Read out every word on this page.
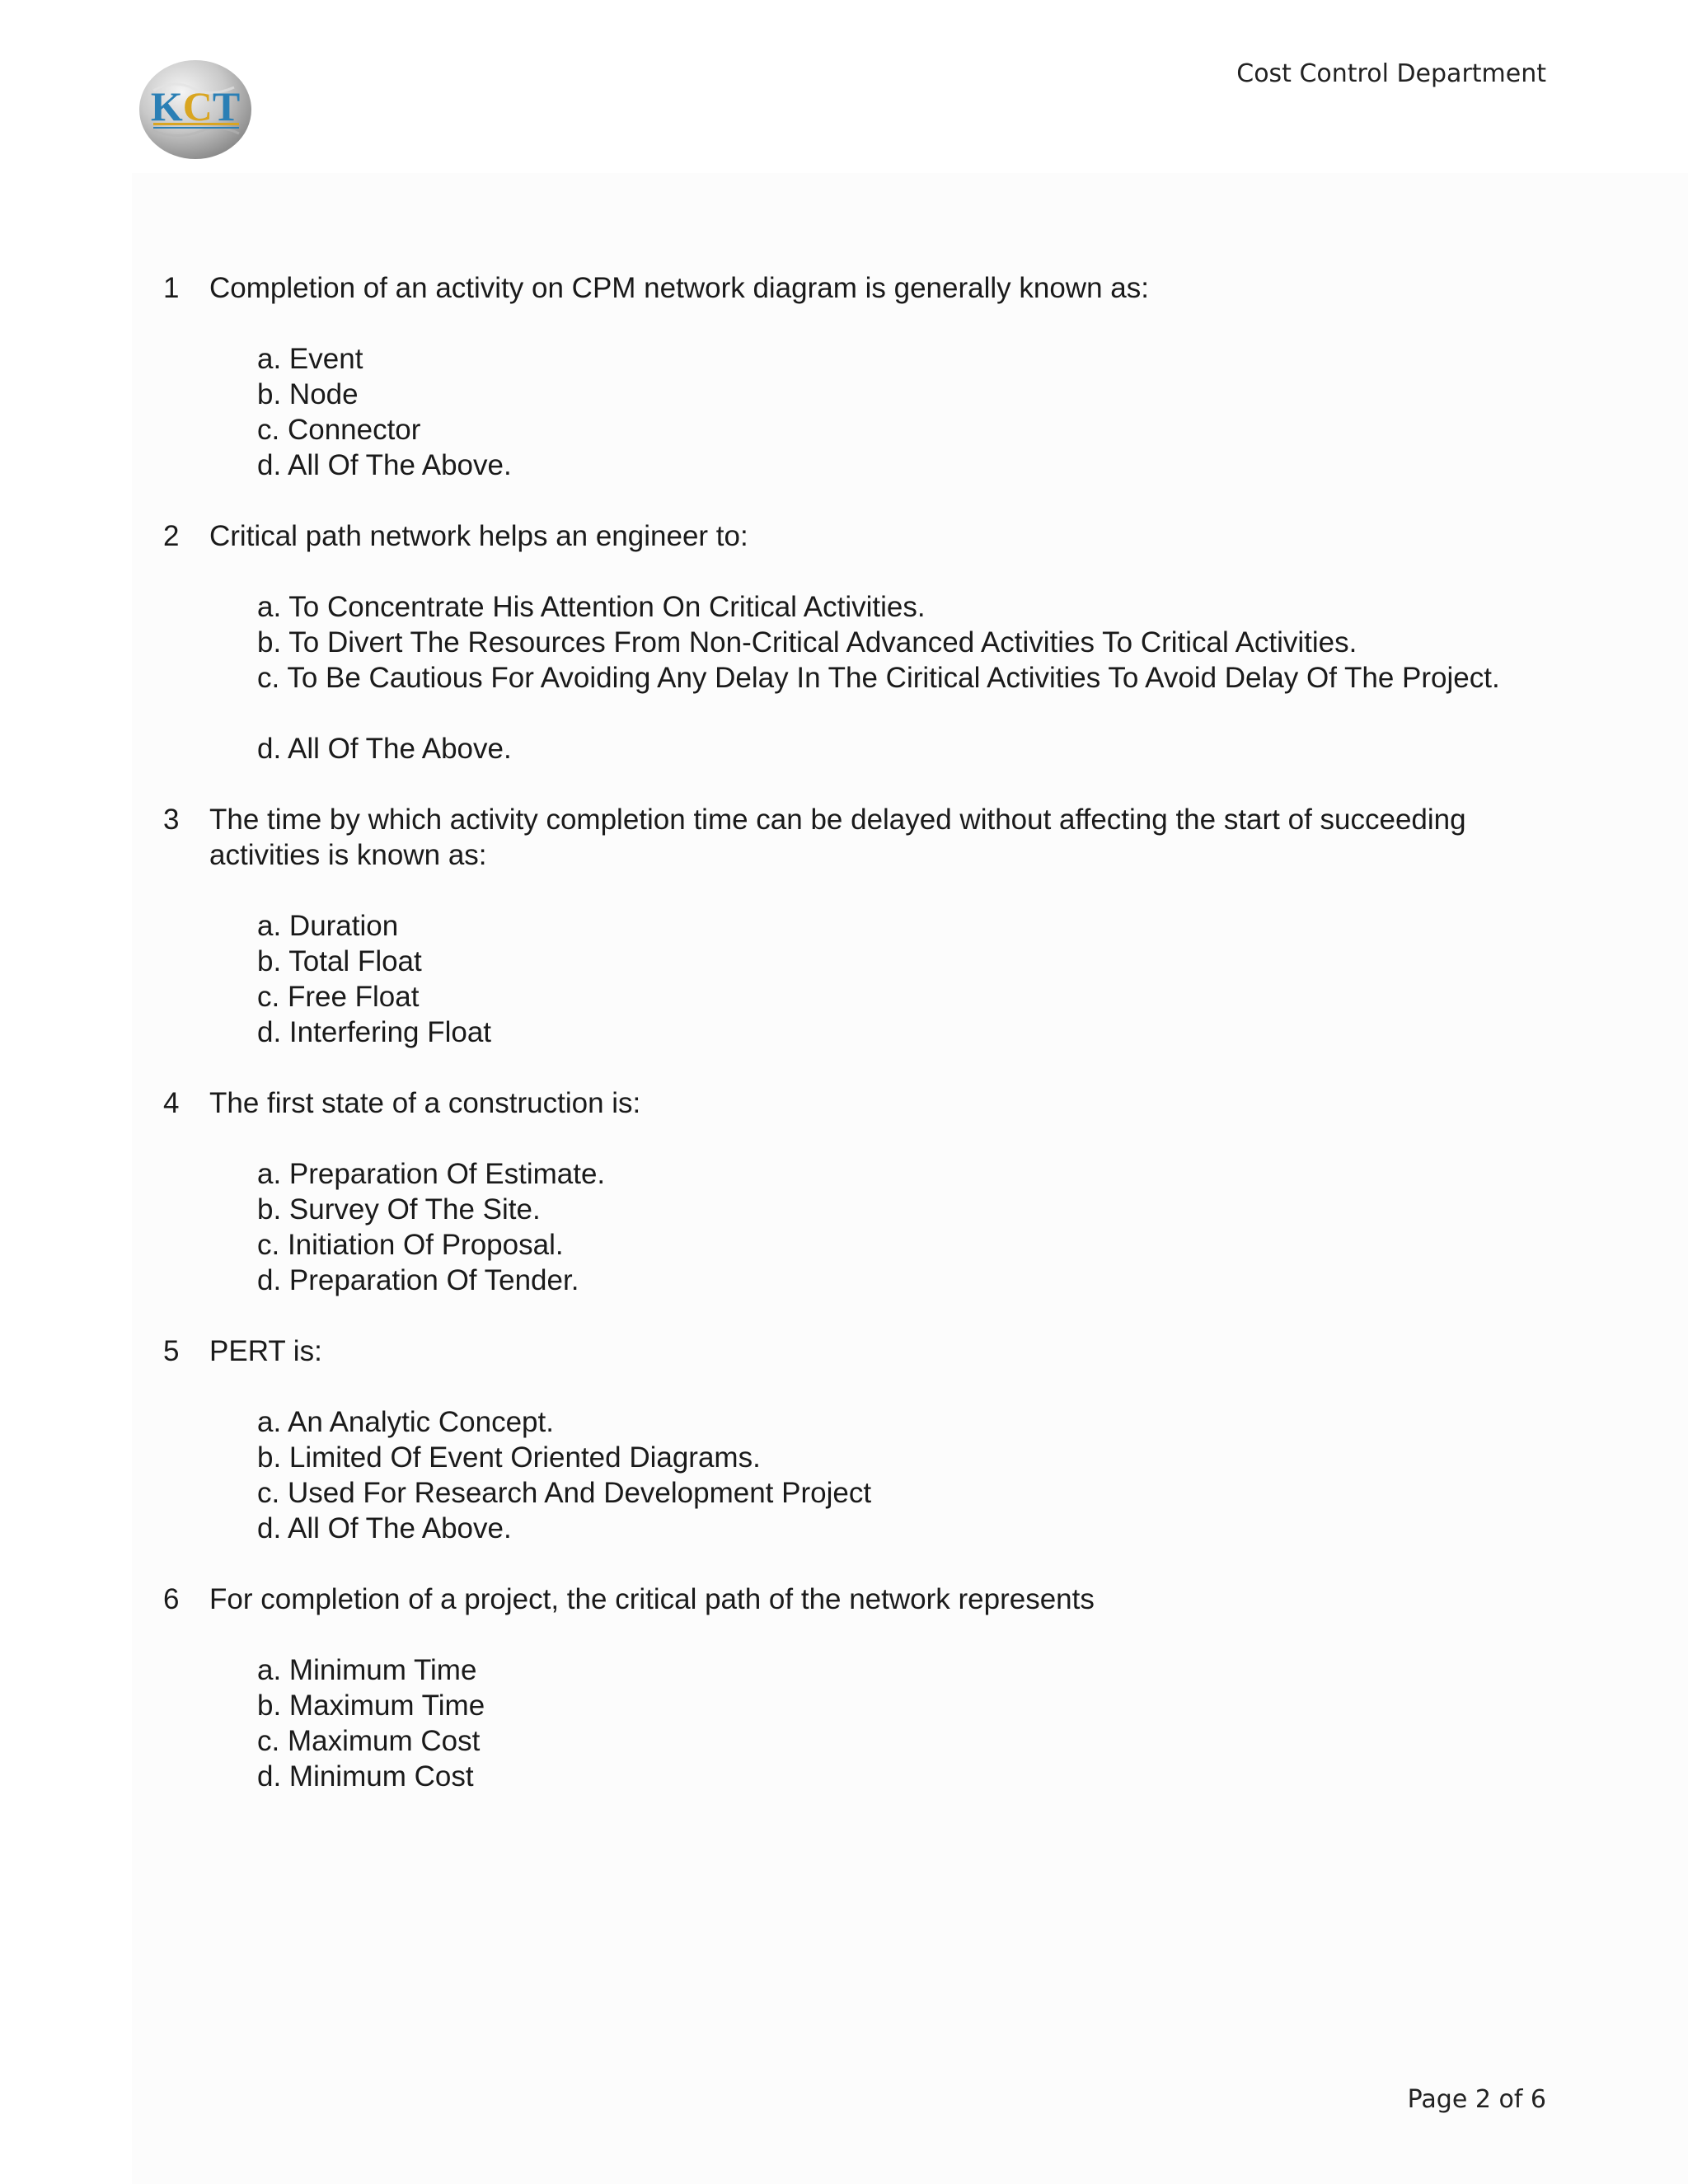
KCT
Cost Control Department
1	Completion of an activity on CPM network diagram is generally known as:
a. Event
b. Node
c. Connector
d. All Of The Above.
2	Critical path network helps an engineer to:
a. To Concentrate His Attention On Critical Activities.
b. To Divert The Resources From Non-Critical Advanced Activities To Critical Activities.
c. To Be Cautious For Avoiding Any Delay In The Ciritical Activities To Avoid Delay Of The Project.
d. All Of The Above.
3	The time by which activity completion time can be delayed without affecting the start of succeeding activities is known as:
a. Duration
b. Total Float
c. Free Float
d. Interfering Float
4	The first state of a construction is:
a. Preparation Of Estimate.
b. Survey Of The Site.
c. Initiation Of Proposal.
d. Preparation Of Tender.
5	PERT is:
a. An Analytic Concept.
b. Limited Of Event Oriented Diagrams.
c. Used For Research And Development Project
d. All Of The Above.
6	For completion of a project, the critical path of the network represents
a. Minimum Time
b. Maximum Time
c. Maximum Cost
d. Minimum Cost
Page 2 of 6
